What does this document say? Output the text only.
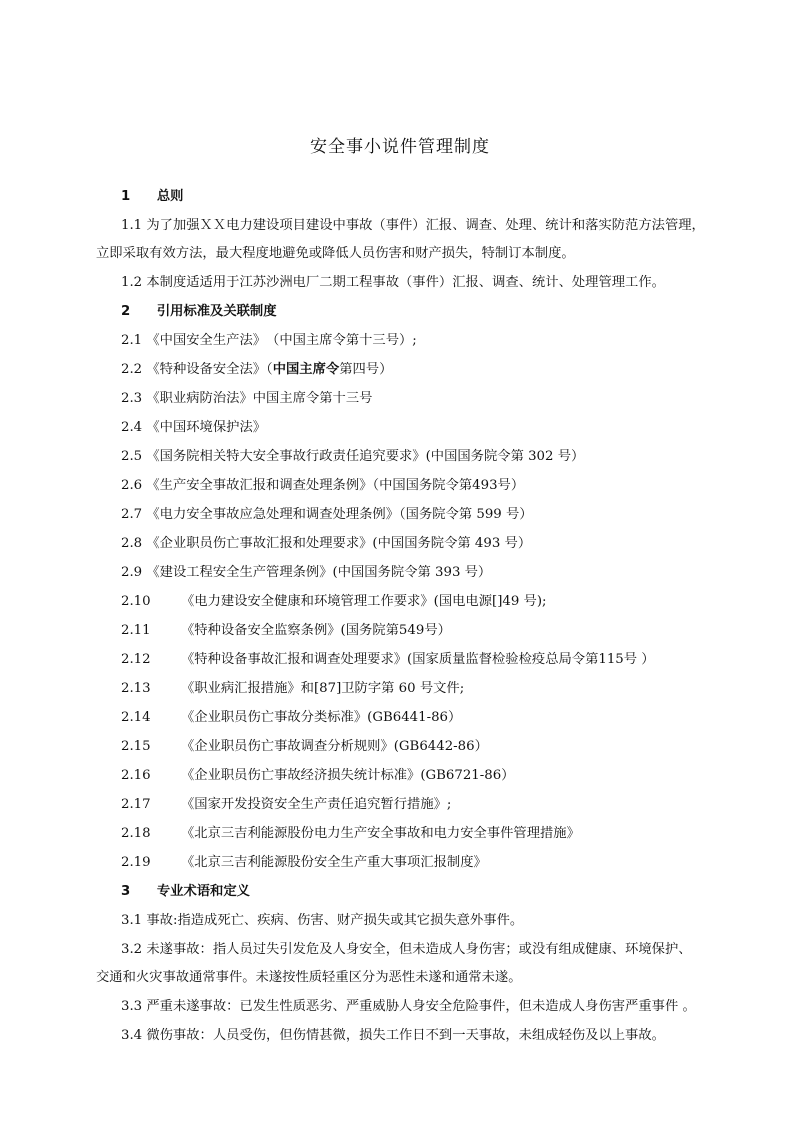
安全事小说件管理制度
1　　总则
1.1 为了加强ＸＸ电力建设项目建设中事故（事件）汇报、调查、处理、统计和落实防范方法管理，
立即采取有效方法，最大程度地避免或降低人员伤害和财产损失，特制订本制度。
1.2 本制度适适用于江苏沙洲电厂二期工程事故（事件）汇报、调查、统计、处理管理工作。
2　　引用标准及关联制度
2.1 《中国安全生产法》　（中国主席令第十三号）;
2.2 《特种设备安全法》（中国主席令第四号）
2.3 《职业病防治法》中国主席令第十三号
2.4 《中国环境保护法》
2.5 《国务院相关特大安全事故行政责任追究要求》(中国国务院令第 302 号）
2.6 《生产安全事故汇报和调查处理条例》（中国国务院令第493号）
2.7 《电力安全事故应急处理和调查处理条例》（国务院令第 599 号）
2.8 《企业职员伤亡事故汇报和处理要求》(中国国务院令第 493 号）
2.9 《建设工程安全生产管理条例》(中国国务院令第 393 号）
2.10 《电力建设安全健康和环境管理工作要求》(国电电源[]49 号);
2.11 《特种设备安全监察条例》(国务院第549号）
2.12 《特种设备事故汇报和调查处理要求》(国家质量监督检验检疫总局令第115号 ）
2.13 《职业病汇报措施》和[87]卫防字第 60 号文件;
2.14 《企业职员伤亡事故分类标准》(GB6441-86）
2.15 《企业职员伤亡事故调查分析规则》(GB6442-86）
2.16 《企业职员伤亡事故经济损失统计标准》(GB6721-86）
2.17 《国家开发投资安全生产责任追究暂行措施》;
2.18 《北京三吉利能源股份电力生产安全事故和电力安全事件管理措施》
2.19 《北京三吉利能源股份安全生产重大事项汇报制度》
3　　专业术语和定义
3.1 事故:指造成死亡、疾病、伤害、财产损失或其它损失意外事件。
3.2 未遂事故：指人员过失引发危及人身安全，但未造成人身伤害；或没有组成健康、环境保护、
交通和火灾事故通常事件。未遂按性质轻重区分为恶性未遂和通常未遂。
3.3 严重未遂事故：已发生性质恶劣、严重威胁人身安全危险事件，但未造成人身伤害严重事件 。
3.4 微伤事故：人员受伤，但伤情甚微，损失工作日不到一天事故，未组成轻伤及以上事故。
